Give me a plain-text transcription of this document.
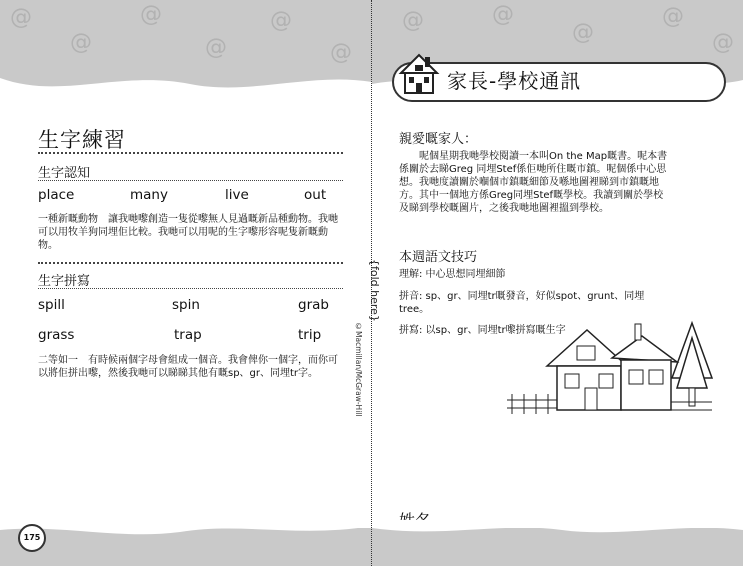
@
@
@
@
@
@
生字練習
生字認知
place	many	live	out
一種新嘅動物　讓我哋嚟創造一隻從嚟無人見過嘅新品種動物。我哋可以用牧羊狗同埋佢比較。我哋可以用呢的生字嚟形容呢隻新嘅動物。
生字拼寫
spill	spin	grab
grass	trap	trip
二等如一　有時候兩個字母會組成一個音。我會俾你一個字，而你可以將佢拼出嚟，然後我哋可以睇睇其他有嘅sp、gr、同埋tr字。
175
@	@
@
@
@
家長-學校通訊
親愛嘅家人：
　　呢個星期我哋學校閱讀一本叫On the Map嘅書。呢本書係關於去睇Greg 同埋Stef係佢哋所住嘅市鎮。呢個係中心思想。我哋度讀關於嗰個市鎮嘅細節及喺地圖裡睇到市鎮嘅地方。其中一個地方係Greg同埋Stef嘅學校。我讀到關於學校及睇到學校嘅圖片，之後我哋地圖裡搵到學校。
本週語文技巧
理解: 中心思想同埋細節
拼音: sp、gr、同埋tr嘅發音，好似spot、grunt、同埋tree。
拼寫: 以sp、gr、同埋tr嚟拼寫嘅生字
{fold here}
©Macmillan/McGraw-Hill
